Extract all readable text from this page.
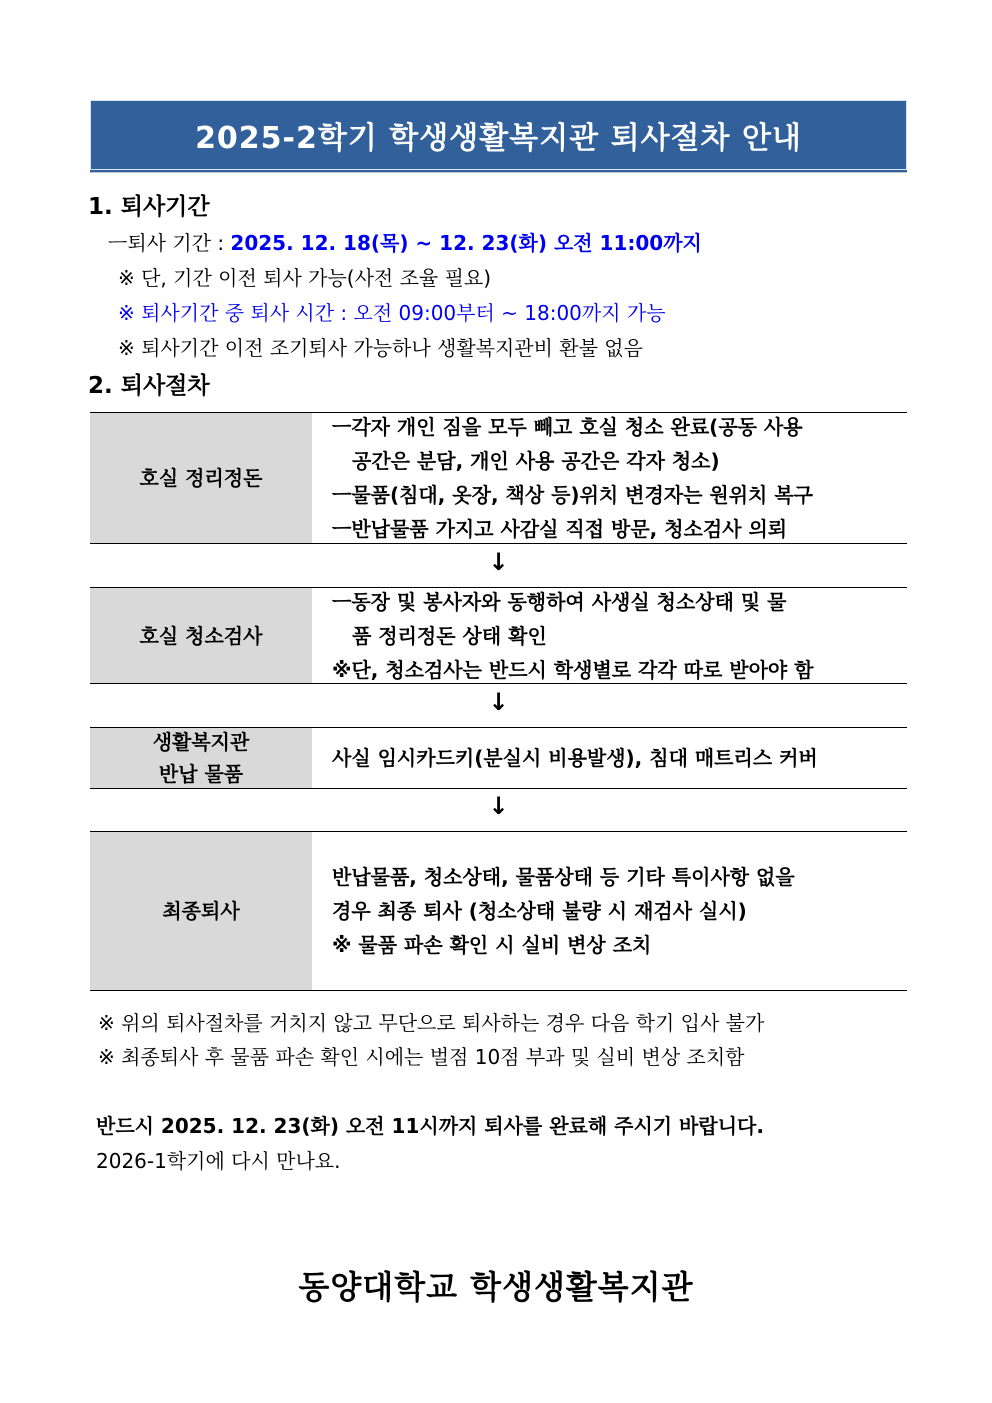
2025-2학기 학생생활복지관 퇴사절차 안내
1. 퇴사기간
ㅡ퇴사 기간 : 2025. 12. 18(목) ~ 12. 23(화) 오전 11:00까지
※ 단, 기간 이전 퇴사 가능(사전 조율 필요)
※ 퇴사기간 중 퇴사 시간 : 오전 09:00부터 ~ 18:00까지 가능
※ 퇴사기간 이전 조기퇴사 가능하나 생활복지관비 환불 없음
2. 퇴사절차
호실 정리정돈
ㅡ각자 개인 짐을 모두 빼고 호실 청소 완료(공동 사용
공간은 분담, 개인 사용 공간은 각자 청소)
ㅡ물품(침대, 옷장, 책상 등)위치 변경자는 원위치 복구
ㅡ반납물품 가지고 사감실 직접 방문, 청소검사 의뢰
↓
호실 청소검사
ㅡ동장 및 봉사자와 동행하여 사생실 청소상태 및 물
품 정리정돈 상태 확인
※단, 청소검사는 반드시 학생별로 각각 따로 받아야 함
↓
생활복지관
반납 물품
사실 임시카드키(분실시 비용발생), 침대 매트리스 커버
↓
최종퇴사
반납물품, 청소상태, 물품상태 등 기타 특이사항 없을
경우 최종 퇴사 (청소상태 불량 시 재검사 실시)
※ 물품 파손 확인 시 실비 변상 조치
※ 위의 퇴사절차를 거치지 않고 무단으로 퇴사하는 경우 다음 학기 입사 불가
※ 최종퇴사 후 물품 파손 확인 시에는 벌점 10점 부과 및 실비 변상 조치함
반드시 2025. 12. 23(화) 오전 11시까지 퇴사를 완료해 주시기 바랍니다.
2026-1학기에 다시 만나요.
동양대학교 학생생활복지관
